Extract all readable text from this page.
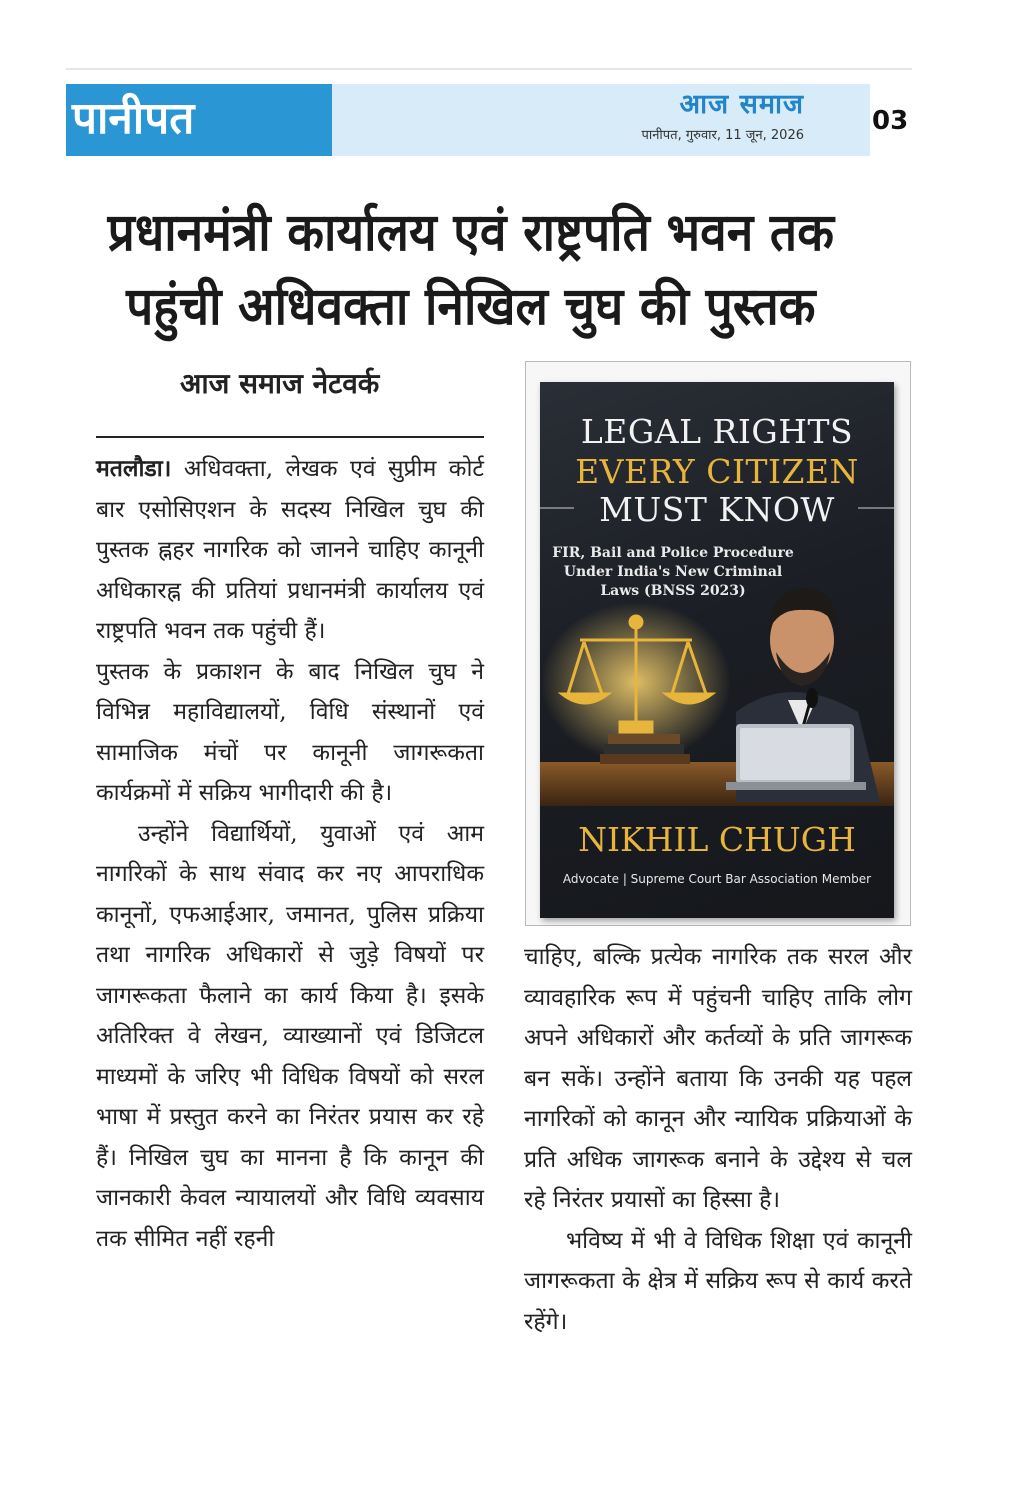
पानीपत	आज समाज
पानीपत, गुरुवार, 11 जून, 2026	03
प्रधानमंत्री कार्यालय एवं राष्ट्रपति भवन तक
पहुंची अधिवक्ता निखिल चुघ की पुस्तक
आज समाज नेटवर्क

मतलौडा। अधिवक्ता, लेखक एवं सुप्रीम कोर्ट बार एसोसिएशन के सदस्य निखिल चुघ की पुस्तक ह्नहर नागरिक को जानने चाहिए कानूनी अधिकारह्न की प्रतियां प्रधानमंत्री कार्यालय एवं राष्ट्रपति भवन तक पहुंची हैं।

पुस्तक के प्रकाशन के बाद निखिल चुघ ने विभिन्न महाविद्यालयों, विधि संस्थानों एवं सामाजिक मंचों पर कानूनी जागरूकता कार्यक्रमों में सक्रिय भागीदारी की है।

उन्होंने विद्यार्थियों, युवाओं एवं आम नागरिकों के साथ संवाद कर नए आपराधिक कानूनों, एफआईआर, जमानत, पुलिस प्रक्रिया तथा नागरिक अधिकारों से जुड़े विषयों पर जागरूकता फैलाने का कार्य किया है। इसके अतिरिक्त वे लेखन, व्याख्यानों एवं डिजिटल माध्यमों के जरिए भी विधिक विषयों को सरल भाषा में प्रस्तुत करने का निरंतर प्रयास कर रहे हैं। निखिल चुघ का मानना है कि कानून की जानकारी केवल न्यायालयों और विधि व्यवसाय तक सीमित नहीं रहनी

LEGAL RIGHTS
EVERY CITIZEN
MUST KNOW
FIR, Bail and Police Procedure
Under India's New Criminal
Laws (BNSS 2023)
NIKHIL CHUGH
Advocate | Supreme Court Bar Association Member

चाहिए, बल्कि प्रत्येक नागरिक तक सरल और व्यावहारिक रूप में पहुंचनी चाहिए ताकि लोग अपने अधिकारों और कर्तव्यों के प्रति जागरूक बन सकें। उन्होंने बताया कि उनकी यह पहल नागरिकों को कानून और न्यायिक प्रक्रियाओं के प्रति अधिक जागरूक बनाने के उद्देश्य से चल रहे निरंतर प्रयासों का हिस्सा है।

भविष्य में भी वे विधिक शिक्षा एवं कानूनी जागरूकता के क्षेत्र में सक्रिय रूप से कार्य करते रहेंगे।
